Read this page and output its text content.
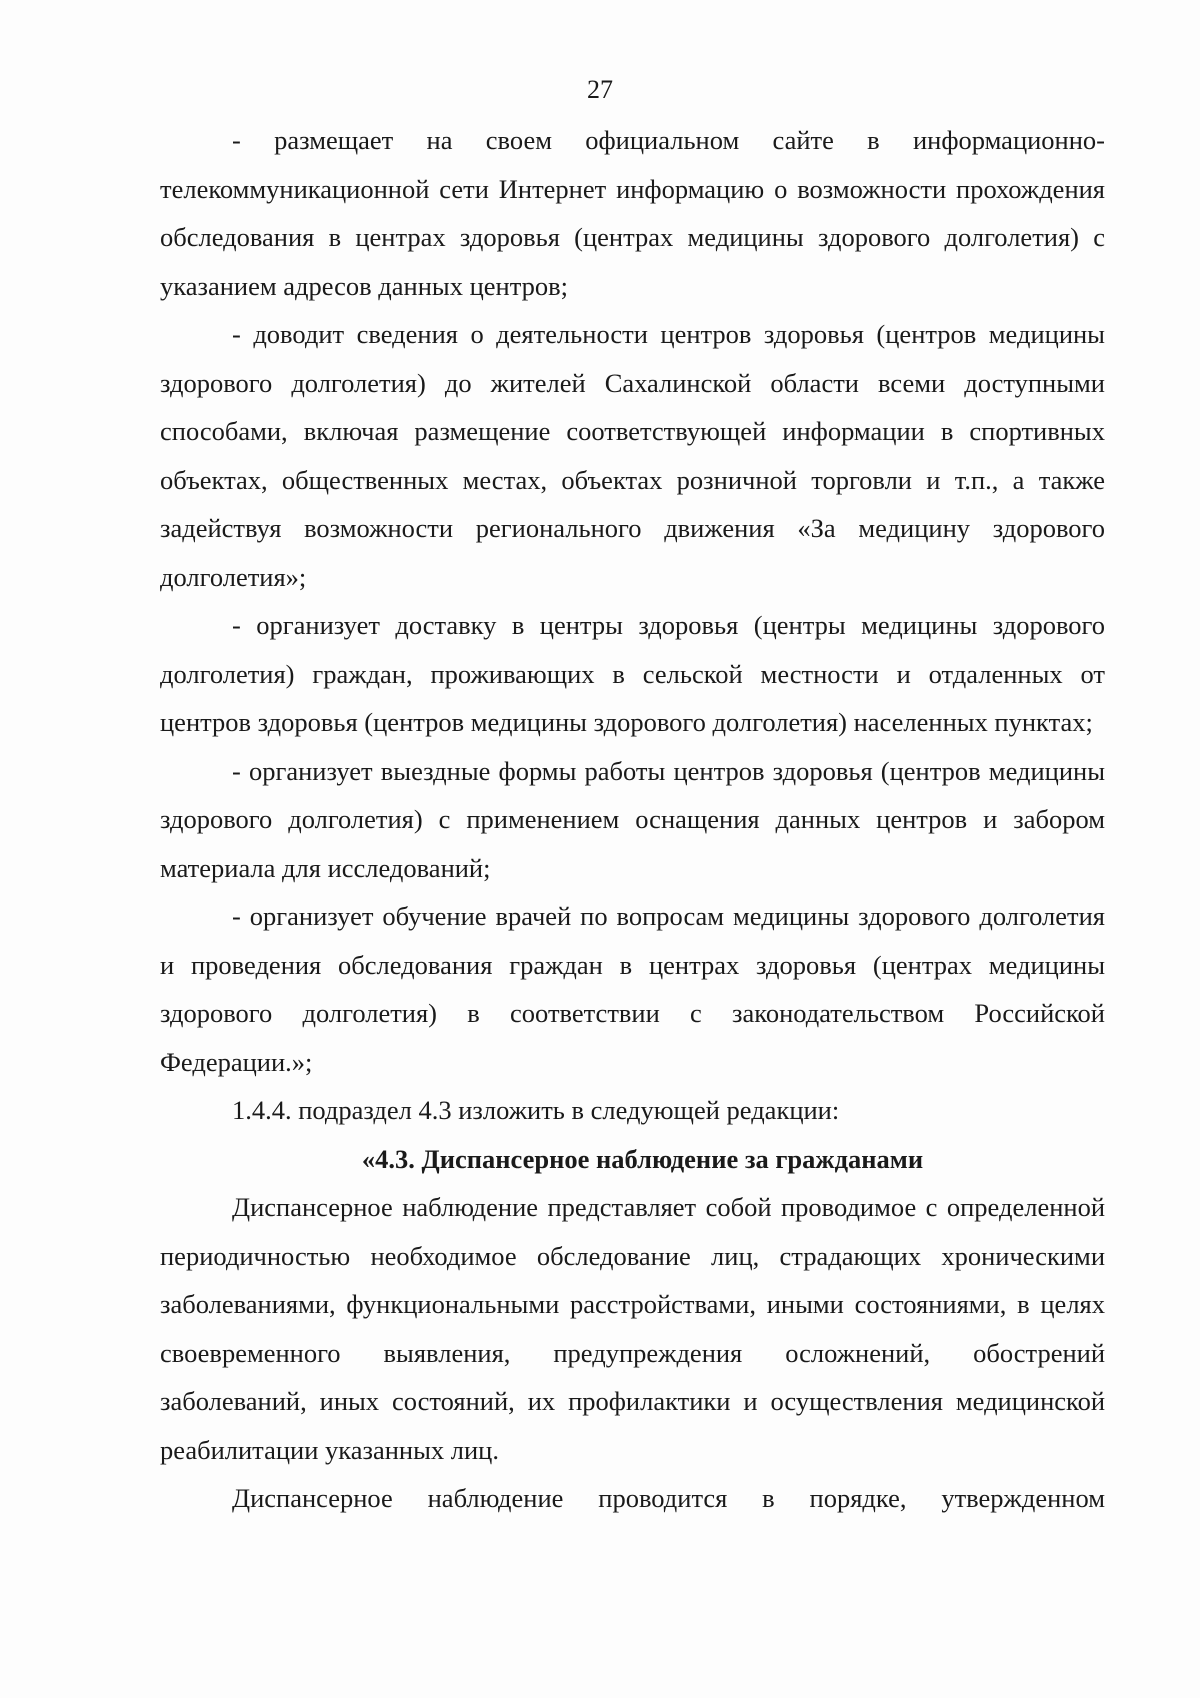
27

- размещает на своем официальном сайте в информационно-телекоммуникационной сети Интернет информацию о возможности прохождения обследования в центрах здоровья (центрах медицины здорового долголетия) с указанием адресов данных центров;

- доводит сведения о деятельности центров здоровья (центров медицины здорового долголетия) до жителей Сахалинской области всеми доступными способами, включая размещение соответствующей информации в спортивных объектах, общественных местах, объектах розничной торговли и т.п., а также задействуя возможности регионального движения «За медицину здорового долголетия»;

- организует доставку в центры здоровья (центры медицины здорового долголетия) граждан, проживающих в сельской местности и отдаленных от центров здоровья (центров медицины здорового долголетия) населенных пунктах;

- организует выездные формы работы центров здоровья (центров медицины здорового долголетия) с применением оснащения данных центров и забором материала для исследований;

- организует обучение врачей по вопросам медицины здорового долголетия и проведения обследования граждан в центрах здоровья (центрах медицины здорового долголетия) в соответствии с законодательством Российской Федерации.»;

1.4.4. подраздел 4.3 изложить в следующей редакции:

«4.3. Диспансерное наблюдение за гражданами

Диспансерное наблюдение представляет собой проводимое с определенной периодичностью необходимое обследование лиц, страдающих хроническими заболеваниями, функциональными расстройствами, иными состояниями, в целях своевременного выявления, предупреждения осложнений, обострений заболеваний, иных состояний, их профилактики и осуществления медицинской реабилитации указанных лиц.

Диспансерное наблюдение проводится в порядке, утвержденном
